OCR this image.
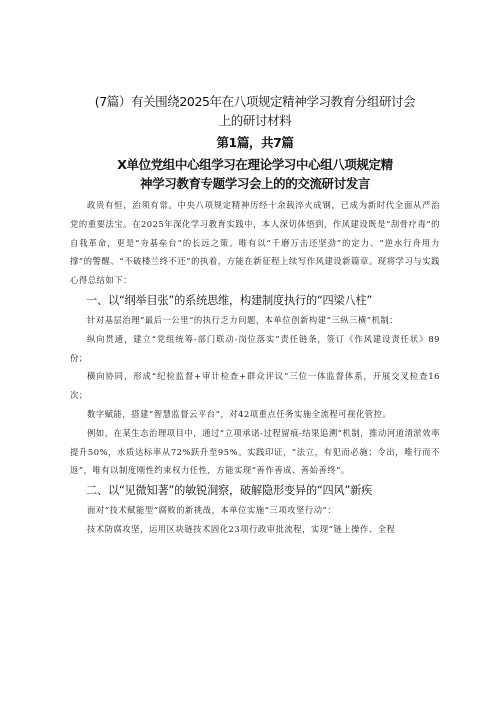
(7篇）有关围绕2025年在八项规定精神学习教育分组研讨会
上的研讨材料

第1篇，共7篇

X单位党组中心组学习在理论学习中心组八项规定精
神学习教育专题学习会上的的交流研讨发言

政贵有恒，治须有常。中央八项规定精神历经十余载淬火成钢，已成为新时代全面从严治党的重要法宝。在2025年深化学习教育实践中，本人深切体悟到，作风建设既是“刮骨疗毒”的自我革命，更是“夯基垒台”的长远之策。唯有以“千磨万击还坚劲”的定力、“逆水行舟用力撑”的警醒、“不破楼兰终不还”的执着，方能在新征程上续写作风建设新篇章。现将学习与实践心得总结如下：

一、以“纲举目张”的系统思维，构建制度执行的“四梁八柱”

针对基层治理“最后一公里”的执行乏力问题，本单位创新构建“三纵三横”机制：

纵向贯通，建立“党组统筹-部门联动-岗位落实”责任链条，签订《作风建设责任状》89份；

横向协同，形成“纪检监督+审计检查+群众评议”三位一体监督体系，开展交叉检查16次；

数字赋能，搭建“智慧监督云平台”，对42项重点任务实施全流程可视化管控。

例如，在某生态治理项目中，通过“立项承诺-过程留痕-结果追溯”机制，推动河道清淤效率提升50%，水质达标率从72%跃升至95%。实践印证，“法立，有犯而必施；令出，唯行而不返”，唯有以制度刚性约束权力任性，方能实现“善作善成、善始善终”。

二、以“见微知著”的敏锐洞察，破解隐形变异的“四风”新疾

面对“技术赋能型”腐败的新挑战，本单位实施“三项攻坚行动”：

技术防腐攻坚，运用区块链技术固化23项行政审批流程，实现“链上操作、全程
